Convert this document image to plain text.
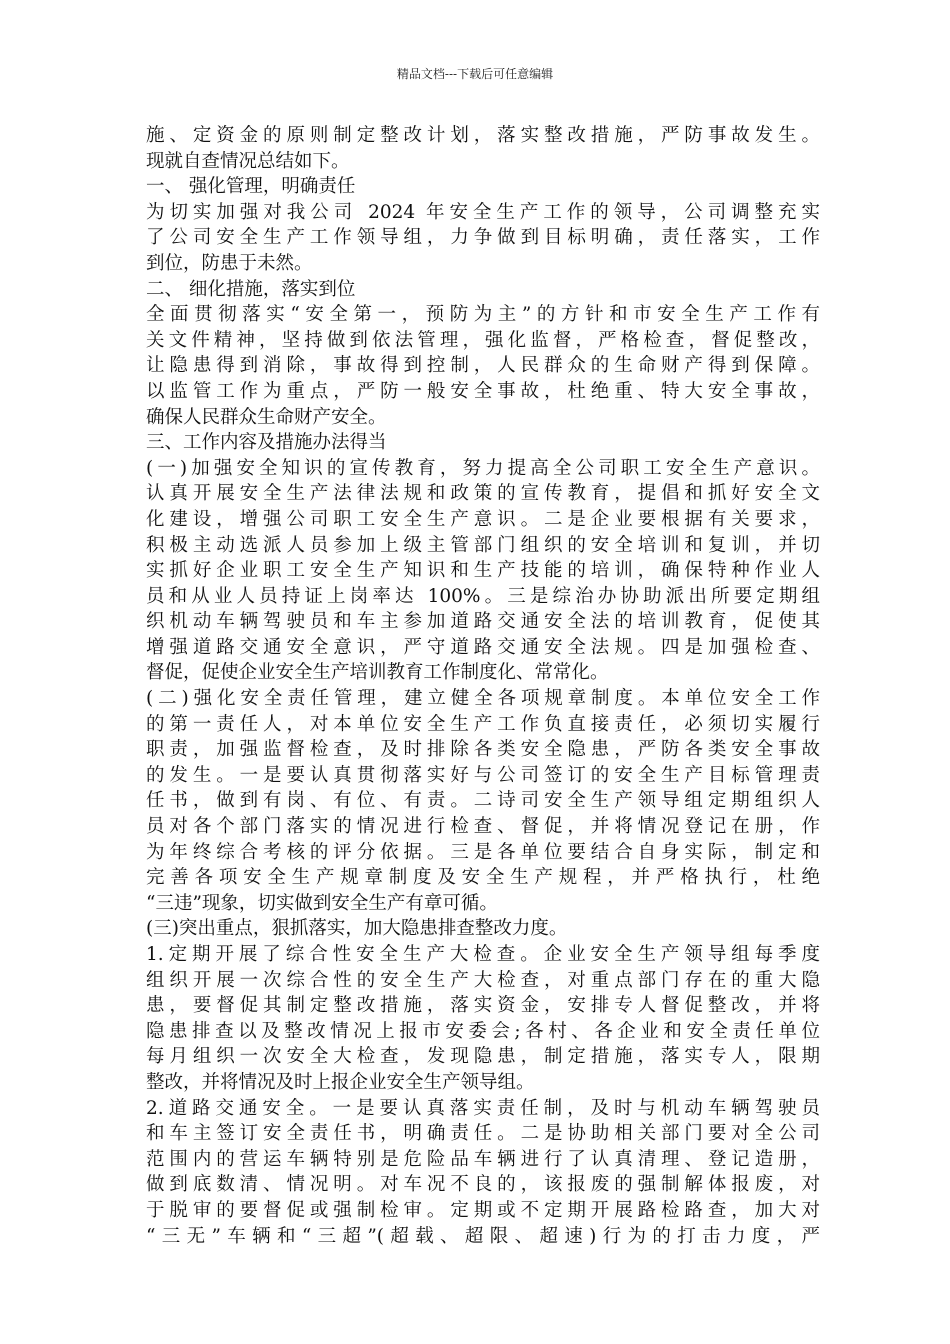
精品文档---下载后可任意编辑
施、定资金的原则制定整改计划，落实整改措施，严防事故发生。
现就自查情况总结如下。
一、 强化管理，明确责任
为切实加强对我公司 2024 年安全生产工作的领导，公司调整充实
了公司安全生产工作领导组，力争做到目标明确，责任落实，工作
到位，防患于未然。
二、 细化措施，落实到位
全面贯彻落实“安全第一，预防为主”的方针和市安全生产工作有
关文件精神，坚持做到依法管理，强化监督，严格检查，督促整改，
让隐患得到消除，事故得到控制，人民群众的生命财产得到保障。
以监管工作为重点，严防一般安全事故，杜绝重、特大安全事故，
确保人民群众生命财产安全。
三、工作内容及措施办法得当
(一)加强安全知识的宣传教育，努力提高全公司职工安全生产意识。
认真开展安全生产法律法规和政策的宣传教育，提倡和抓好安全文
化建设，增强公司职工安全生产意识。二是企业要根据有关要求，
积极主动选派人员参加上级主管部门组织的安全培训和复训，并切
实抓好企业职工安全生产知识和生产技能的培训，确保特种作业人
员和从业人员持证上岗率达 100%。三是综治办协助派出所要定期组
织机动车辆驾驶员和车主参加道路交通安全法的培训教育，促使其
增强道路交通安全意识，严守道路交通安全法规。四是加强检查、
督促，促使企业安全生产培训教育工作制度化、常常化。
(二)强化安全责任管理，建立健全各项规章制度。本单位安全工作
的第一责任人，对本单位安全生产工作负直接责任，必须切实履行
职责，加强监督检查，及时排除各类安全隐患，严防各类安全事故
的发生。一是要认真贯彻落实好与公司签订的安全生产目标管理责
任书，做到有岗、有位、有责。二诗司安全生产领导组定期组织人
员对各个部门落实的情况进行检查、督促，并将情况登记在册，作
为年终综合考核的评分依据。三是各单位要结合自身实际，制定和
完善各项安全生产规章制度及安全生产规程，并严格执行，杜绝
“三违”现象，切实做到安全生产有章可循。
(三)突出重点，狠抓落实，加大隐患排查整改力度。
1.定期开展了综合性安全生产大检查。企业安全生产领导组每季度
组织开展一次综合性的安全生产大检查，对重点部门存在的重大隐
患，要督促其制定整改措施，落实资金，安排专人督促整改，并将
隐患排查以及整改情况上报市安委会;各村、各企业和安全责任单位
每月组织一次安全大检查，发现隐患，制定措施，落实专人，限期
整改，并将情况及时上报企业安全生产领导组。
2.道路交通安全。一是要认真落实责任制，及时与机动车辆驾驶员
和车主签订安全责任书，明确责任。二是协助相关部门要对全公司
范围内的营运车辆特别是危险品车辆进行了认真清理、登记造册，
做到底数清、情况明。对车况不良的，该报废的强制解体报废，对
于脱审的要督促或强制检审。定期或不定期开展路检路查，加大对
“三无”车辆和“三超”(超载、超限、超速)行为的打击力度，严
